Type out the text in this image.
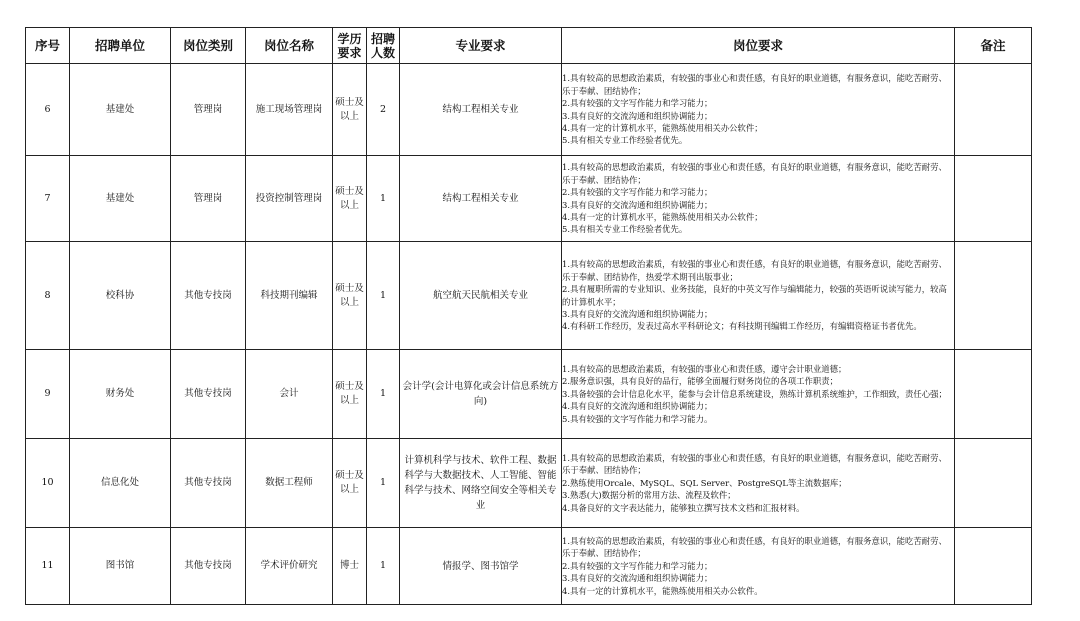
序号	招聘单位	岗位类别	岗位名称	学历要求	招聘人数	专业要求	岗位要求	备注
6	基建处	管理岗	施工现场管理岗	硕士及以上	2	结构工程相关专业	1.具有较高的思想政治素质，有较强的事业心和责任感，有良好的职业道德，有服务意识，能吃苦耐劳、乐于奉献、团结协作；
2.具有较强的文字写作能力和学习能力；
3.具有良好的交流沟通和组织协调能力；
4.具有一定的计算机水平，能熟练使用相关办公软件；
5.具有相关专业工作经验者优先。	
7	基建处	管理岗	投资控制管理岗	硕士及以上	1	结构工程相关专业	1.具有较高的思想政治素质，有较强的事业心和责任感，有良好的职业道德，有服务意识，能吃苦耐劳、乐于奉献、团结协作；
2.具有较强的文字写作能力和学习能力；
3.具有良好的交流沟通和组织协调能力；
4.具有一定的计算机水平，能熟练使用相关办公软件；
5.具有相关专业工作经验者优先。	
8	校科协	其他专技岗	科技期刊编辑	硕士及以上	1	航空航天民航相关专业	1.具有较高的思想政治素质，有较强的事业心和责任感，有良好的职业道德，有服务意识，能吃苦耐劳、乐于奉献、团结协作，热爱学术期刊出版事业；
2.具有履职所需的专业知识、业务技能，良好的中英文写作与编辑能力，较强的英语听说读写能力，较高的计算机水平；
3.具有良好的交流沟通和组织协调能力；
4.有科研工作经历，发表过高水平科研论文；有科技期刊编辑工作经历，有编辑资格证书者优先。	
9	财务处	其他专技岗	会计	硕士及以上	1	会计学(会计电算化或会计信息系统方向)	1.具有较高的思想政治素质，有较强的事业心和责任感，遵守会计职业道德；
2.服务意识强，具有良好的品行，能够全面履行财务岗位的各项工作职责；
3.具备较强的会计信息化水平，能参与会计信息系统建设，熟练计算机系统维护，工作细致，责任心强；
4.具有良好的交流沟通和组织协调能力；
5.具有较强的文字写作能力和学习能力。	
10	信息化处	其他专技岗	数据工程师	硕士及以上	1	计算机科学与技术、软件工程、数据科学与大数据技术、人工智能、智能科学与技术、网络空间安全等相关专业	1.具有较高的思想政治素质，有较强的事业心和责任感，有良好的职业道德，有服务意识，能吃苦耐劳、乐于奉献、团结协作；
2.熟练使用Orcale、MySQL、SQL Server、PostgreSQL等主流数据库；
3.熟悉(大)数据分析的常用方法、流程及软件；
4.具备良好的文字表达能力，能够独立撰写技术文档和汇报材料。	
11	图书馆	其他专技岗	学术评价研究	博士	1	情报学、图书馆学	1.具有较高的思想政治素质，有较强的事业心和责任感，有良好的职业道德，有服务意识，能吃苦耐劳、乐于奉献、团结协作；
2.具有较强的文字写作能力和学习能力；
3.具有良好的交流沟通和组织协调能力；
4.具有一定的计算机水平，能熟练使用相关办公软件。	
